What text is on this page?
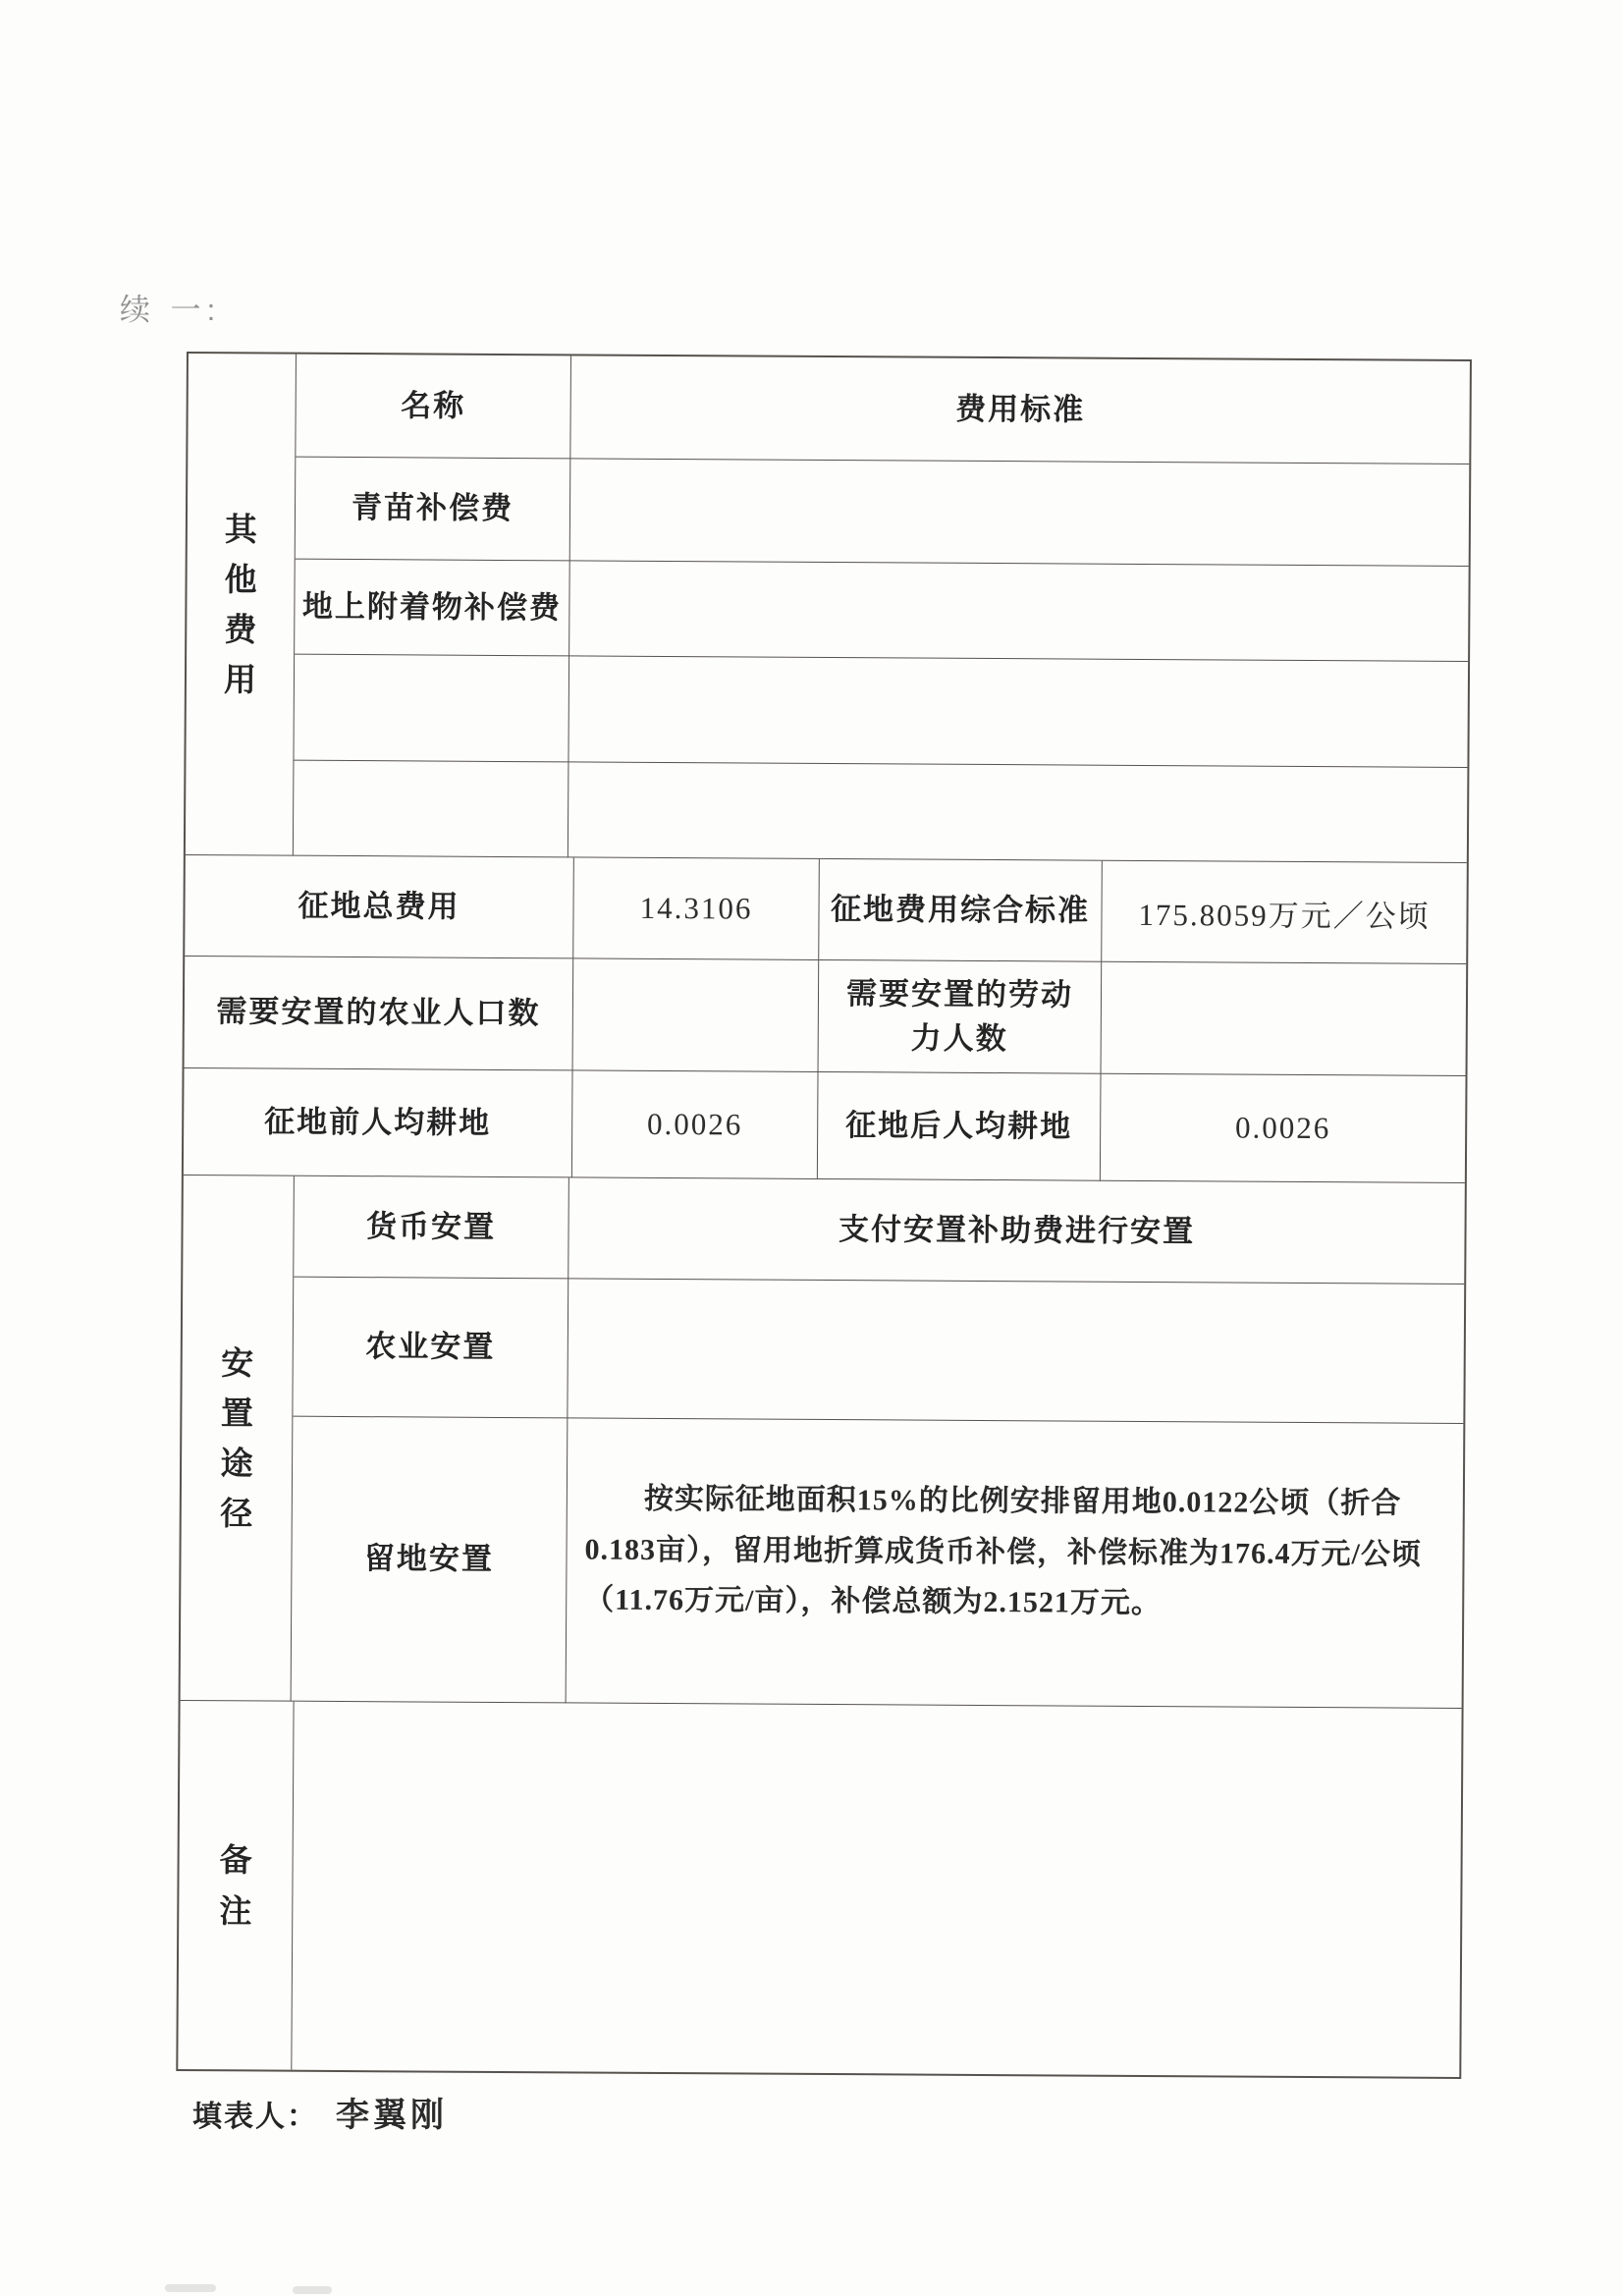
续 一:
其他费用
名称	费用标准
青苗补偿费
地上附着物补偿费
征地总费用	14.3106	征地费用综合标准	175.8059万元／公顷
需要安置的农业人口数
需要安置的劳动力人数
征地前人均耕地	0.0026	征地后人均耕地	0.0026
安置途径
货币安置	支付安置补助费进行安置
农业安置
留地安置
按实际征地面积15%的比例安排留用地0.0122公顷（折合0.183亩），留用地折算成货币补偿，补偿标准为176.4万元/公顷（11.76万元/亩），补偿总额为2.1521万元。
备注
填表人： 李翼刚
